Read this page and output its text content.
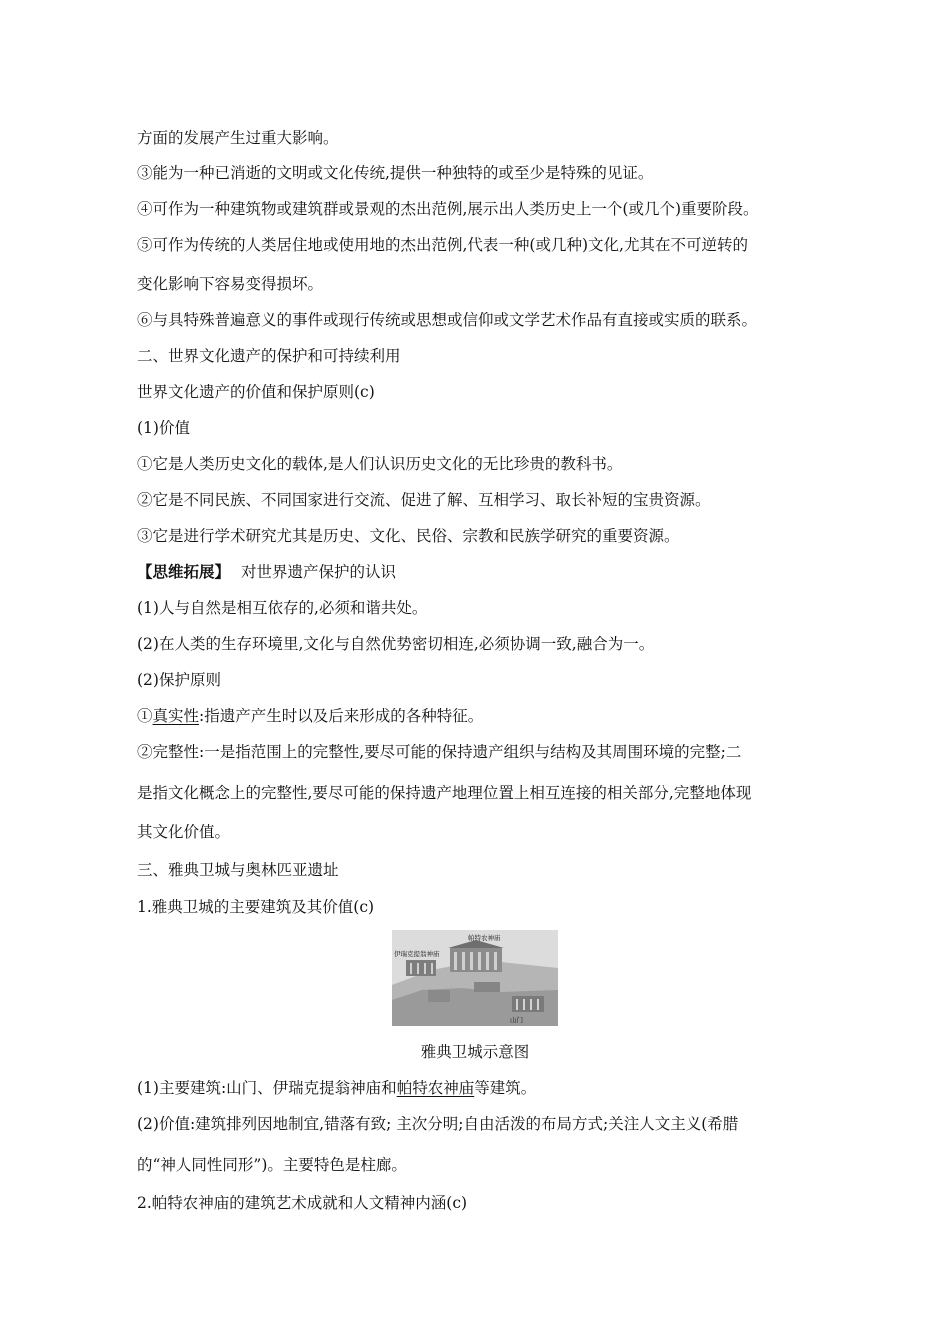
方面的发展产生过重大影响。
③能为一种已消逝的文明或文化传统,提供一种独特的或至少是特殊的见证。
④可作为一种建筑物或建筑群或景观的杰出范例,展示出人类历史上一个(或几个)重要阶段。
⑤可作为传统的人类居住地或使用地的杰出范例,代表一种(或几种)文化,尤其在不可逆转的
变化影响下容易变得损坏。
⑥与具特殊普遍意义的事件或现行传统或思想或信仰或文学艺术作品有直接或实质的联系。
二、世界文化遗产的保护和可持续利用
世界文化遗产的价值和保护原则(c)
(1)价值
①它是人类历史文化的载体,是人们认识历史文化的无比珍贵的教科书。
②它是不同民族、不同国家进行交流、促进了解、互相学习、取长补短的宝贵资源。
③它是进行学术研究尤其是历史、文化、民俗、宗教和民族学研究的重要资源。
【思维拓展】 对世界遗产保护的认识
(1)人与自然是相互依存的,必须和谐共处。
(2)在人类的生存环境里,文化与自然优势密切相连,必须协调一致,融合为一。
(2)保护原则
①真实性:指遗产产生时以及后来形成的各种特征。
②完整性:一是指范围上的完整性,要尽可能的保持遗产组织与结构及其周围环境的完整;二
是指文化概念上的完整性,要尽可能的保持遗产地理位置上相互连接的相关部分,完整地体现
其文化价值。
三、雅典卫城与奥林匹亚遗址
1.雅典卫城的主要建筑及其价值(c)
帕特农神庙
伊瑞克提翁神庙
山门
雅典卫城示意图
(1)主要建筑:山门、伊瑞克提翁神庙和帕特农神庙等建筑。
(2)价值:建筑排列因地制宜,错落有致; 主次分明;自由活泼的布局方式;关注人文主义(希腊
的“神人同性同形”)。主要特色是柱廊。
2.帕特农神庙的建筑艺术成就和人文精神内涵(c)
